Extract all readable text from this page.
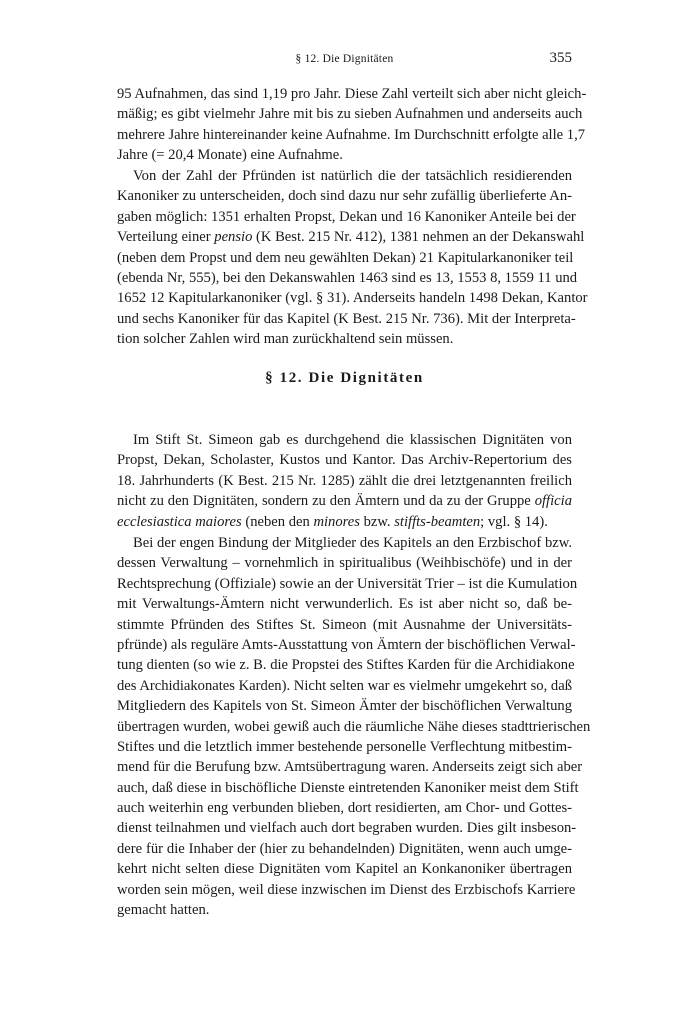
§ 12. Die Dignitäten	355
95 Aufnahmen, das sind 1,19 pro Jahr. Diese Zahl verteilt sich aber nicht gleich-
mäßig; es gibt vielmehr Jahre mit bis zu sieben Aufnahmen und anderseits auch
mehrere Jahre hintereinander keine Aufnahme. Im Durchschnitt erfolgte alle 1,7
Jahre (= 20,4 Monate) eine Aufnahme.
Von der Zahl der Pfründen ist natürlich die der tatsächlich residierenden
Kanoniker zu unterscheiden, doch sind dazu nur sehr zufällig überlieferte An-
gaben möglich: 1351 erhalten Propst, Dekan und 16 Kanoniker Anteile bei der
Verteilung einer pensio (K Best. 215 Nr. 412), 1381 nehmen an der Dekanswahl
(neben dem Propst und dem neu gewählten Dekan) 21 Kapitularkanoniker teil
(ebenda Nr, 555), bei den Dekanswahlen 1463 sind es 13, 1553 8, 1559 11 und
1652 12 Kapitularkanoniker (vgl. § 31). Anderseits handeln 1498 Dekan, Kantor
und sechs Kanoniker für das Kapitel (K Best. 215 Nr. 736). Mit der Interpreta-
tion solcher Zahlen wird man zurückhaltend sein müssen.
§ 12. Die Dignitäten
Im Stift St. Simeon gab es durchgehend die klassischen Dignitäten von
Propst, Dekan, Scholaster, Kustos und Kantor. Das Archiv-Repertorium des
18. Jahrhunderts (K Best. 215 Nr. 1285) zählt die drei letztgenannten freilich
nicht zu den Dignitäten, sondern zu den Ämtern und da zu der Gruppe officia
ecclesiastica maiores (neben den minores bzw. stiffts-beamten; vgl. § 14).
Bei der engen Bindung der Mitglieder des Kapitels an den Erzbischof bzw.
dessen Verwaltung – vornehmlich in spiritualibus (Weihbischöfe) und in der
Rechtsprechung (Offiziale) sowie an der Universität Trier – ist die Kumulation
mit Verwaltungs-Ämtern nicht verwunderlich. Es ist aber nicht so, daß be-
stimmte Pfründen des Stiftes St. Simeon (mit Ausnahme der Universitäts-
pfründe) als reguläre Amts-Ausstattung von Ämtern der bischöflichen Verwal-
tung dienten (so wie z. B. die Propstei des Stiftes Karden für die Archidiakone
des Archidiakonates Karden). Nicht selten war es vielmehr umgekehrt so, daß
Mitgliedern des Kapitels von St. Simeon Ämter der bischöflichen Verwaltung
übertragen wurden, wobei gewiß auch die räumliche Nähe dieses stadttrierischen
Stiftes und die letztlich immer bestehende personelle Verflechtung mitbestim-
mend für die Berufung bzw. Amtsübertragung waren. Anderseits zeigt sich aber
auch, daß diese in bischöfliche Dienste eintretenden Kanoniker meist dem Stift
auch weiterhin eng verbunden blieben, dort residierten, am Chor- und Gottes-
dienst teilnahmen und vielfach auch dort begraben wurden. Dies gilt insbeson-
dere für die Inhaber der (hier zu behandelnden) Dignitäten, wenn auch umge-
kehrt nicht selten diese Dignitäten vom Kapitel an Konkanoniker übertragen
worden sein mögen, weil diese inzwischen im Dienst des Erzbischofs Karriere
gemacht hatten.
